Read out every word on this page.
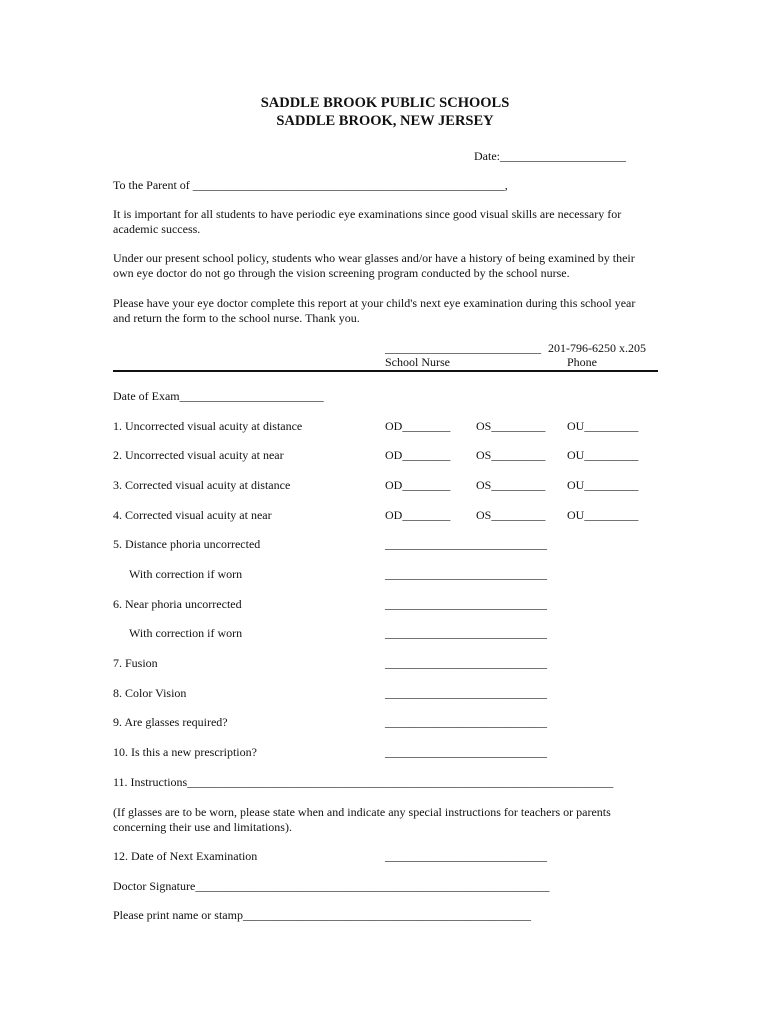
SADDLE BROOK PUBLIC SCHOOLS
SADDLE BROOK, NEW JERSEY
Date:_____________________
To the Parent of ____________________________________________________,
It is important for all students to have periodic eye examinations since good visual skills are necessary for academic success.
Under our present school policy, students who wear glasses and/or have a history of being examined by their own eye doctor do not go through the vision screening program conducted by the school nurse.
Please have your eye doctor complete this report at your child's next eye examination during this school year and return the form to the school nurse. Thank you.
__________________________ 201-796-6250 x.205
School Nurse	Phone
Date of Exam________________________
1. Uncorrected visual acuity at distance	OD________ OS_________ OU_________
2. Uncorrected visual acuity at near	OD________ OS_________ OU_________
3. Corrected visual acuity at distance	OD________ OS_________ OU_________
4. Corrected visual acuity at near	OD________ OS_________ OU_________
5. Distance phoria uncorrected	___________________________
With correction if worn	___________________________
6. Near phoria uncorrected	___________________________
With correction if worn	___________________________
7. Fusion	___________________________
8. Color Vision	___________________________
9. Are glasses required?	___________________________
10. Is this a new prescription?	___________________________
11. Instructions_______________________________________________________________________
(If glasses are to be worn, please state when and indicate any special instructions for teachers or parents concerning their use and limitations).
12. Date of Next Examination	___________________________
Doctor Signature___________________________________________________________
Please print name or stamp________________________________________________
